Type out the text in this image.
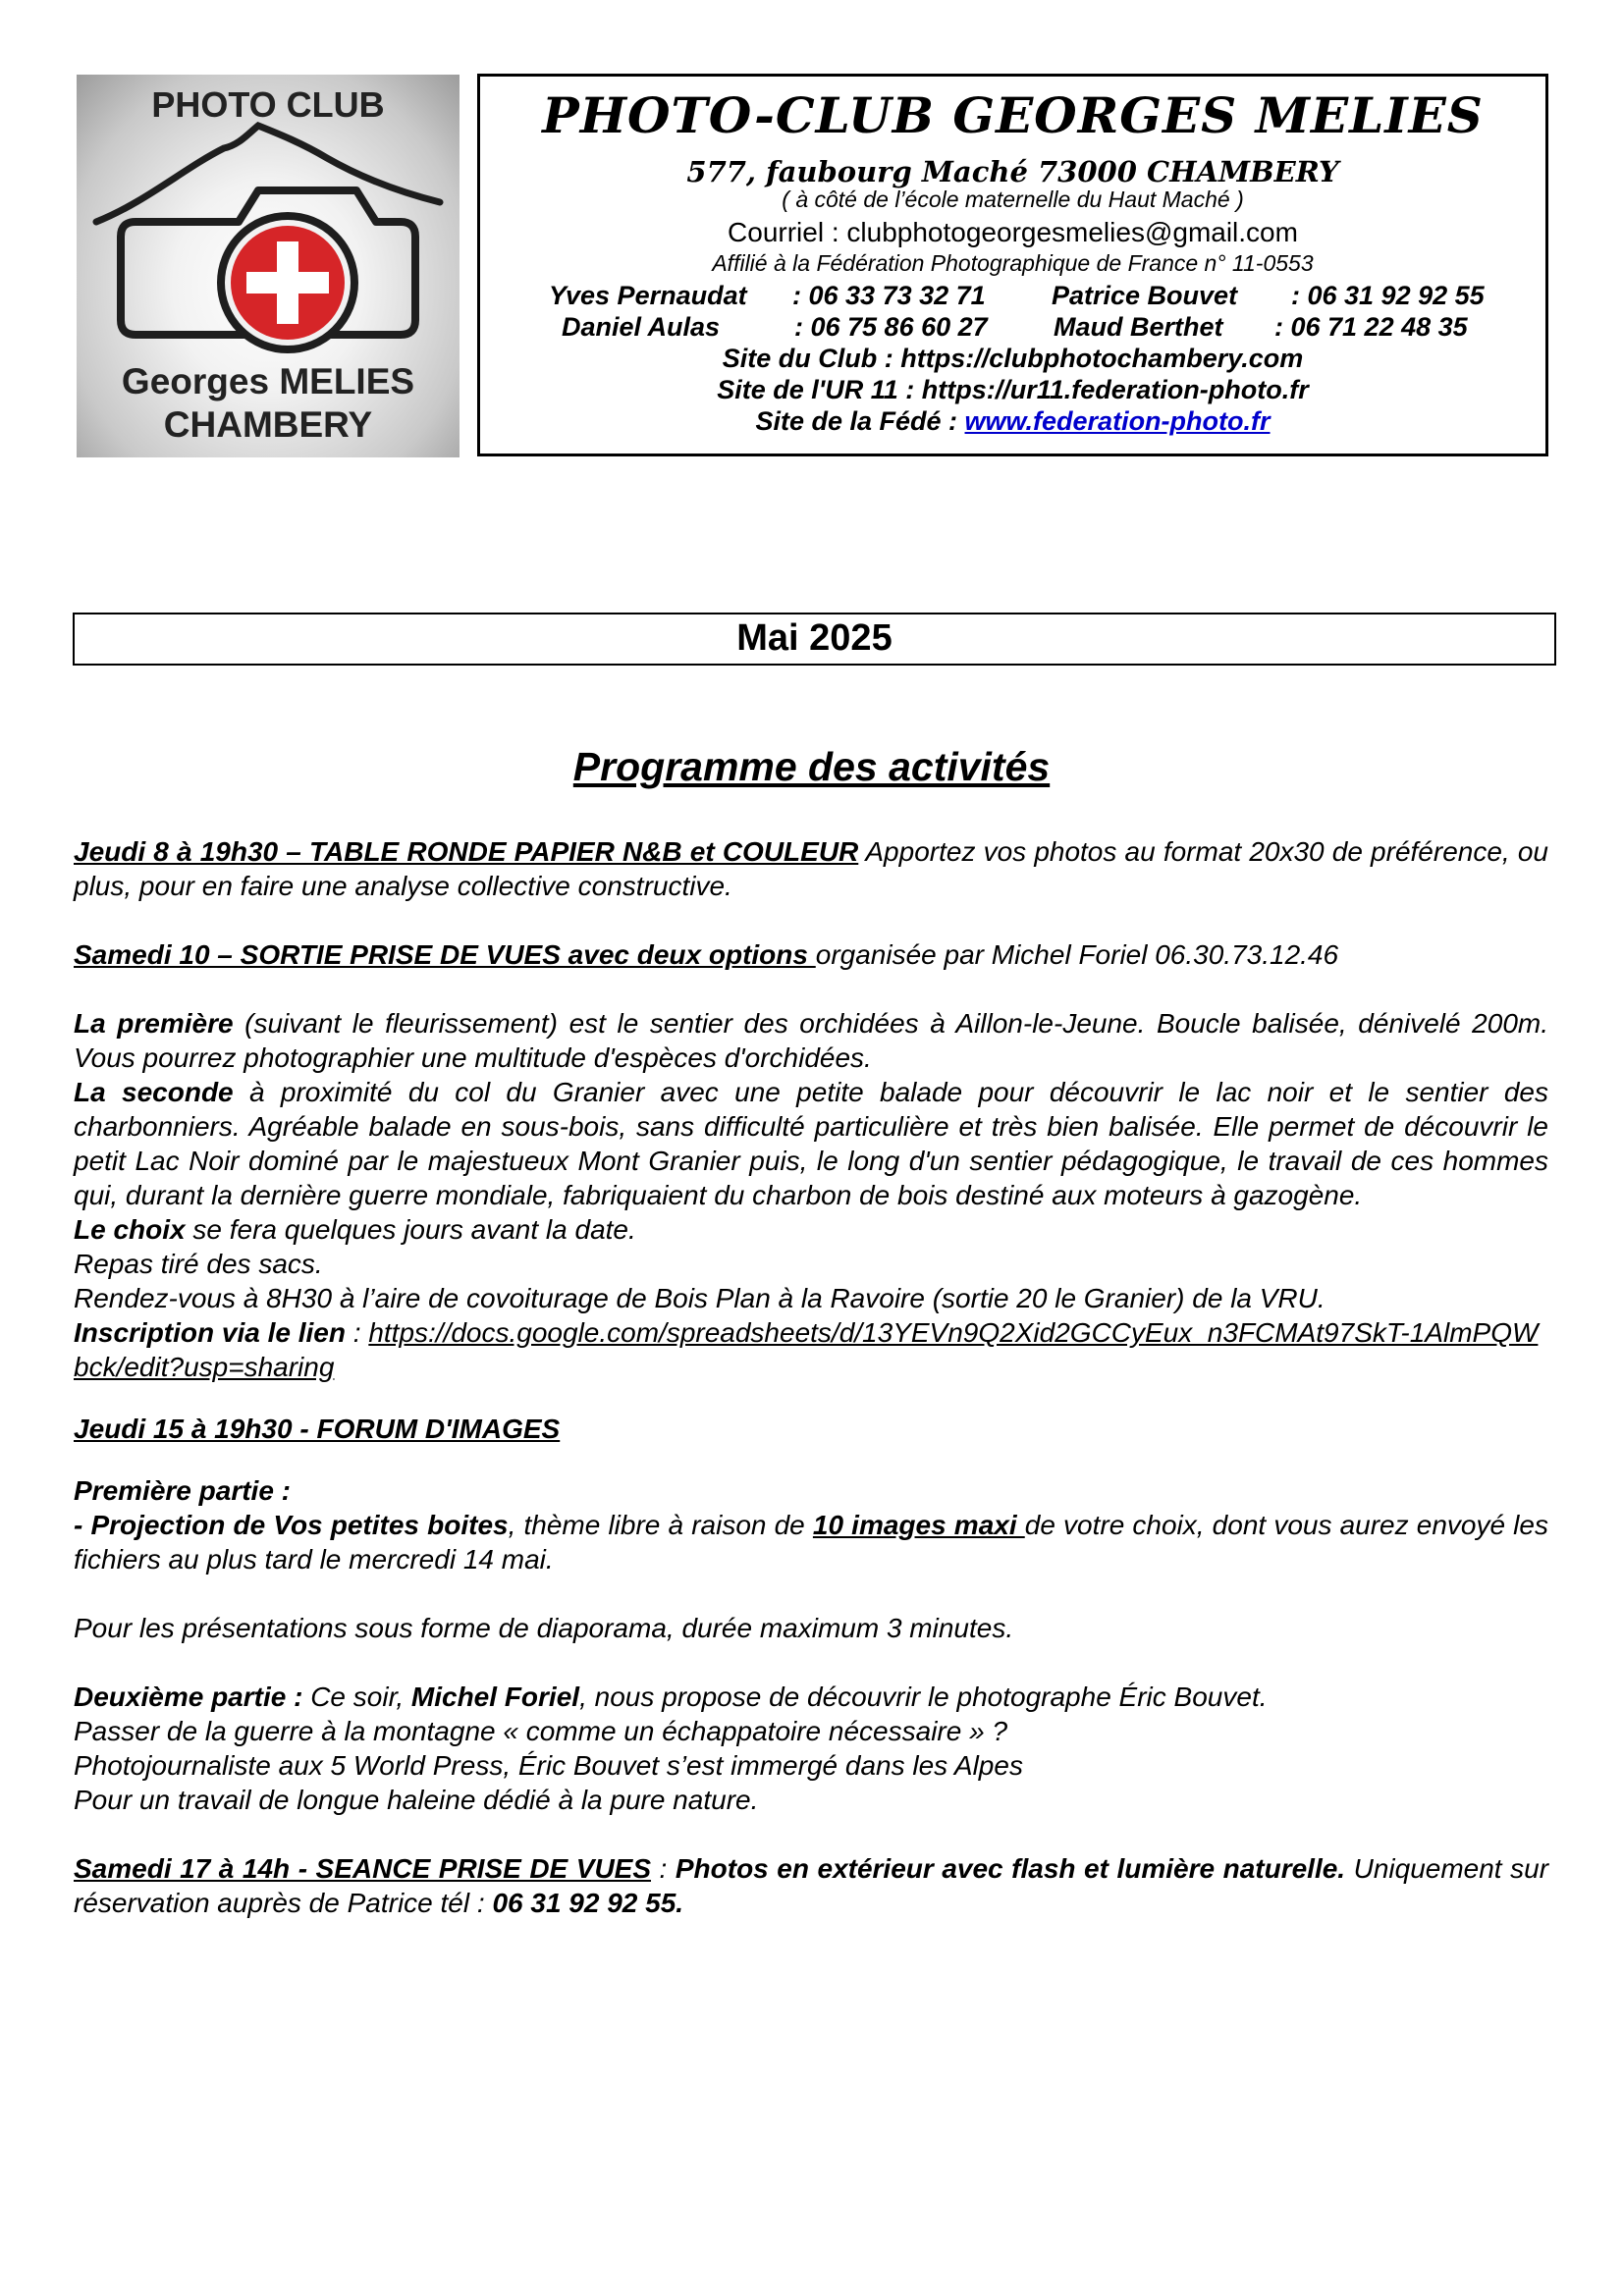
PHOTO CLUB
Georges MELIES
CHAMBERY
PHOTO-CLUB GEORGES MELIES
577, faubourg Maché 73000 CHAMBERY
( à côté de l’école maternelle du Haut Maché )
Courriel : clubphotogeorgesmelies@gmail.com
Affilié à la Fédération Photographique de France n° 11-0553
Yves Pernaudat : 06 33 73 32 71 Patrice Bouvet : 06 31 92 92 55
Daniel Aulas	: 06 75 86 60 27 Maud Berthet : 06 71 22 48 35
Site du Club : https://clubphotochambery.com
Site de l'UR 11 : https://ur11.federation-photo.fr
Site de la Fédé : www.federation-photo.fr
Mai 2025
Programme des activités

Jeudi 8 à 19h30 – TABLE RONDE PAPIER N&B et COULEUR Apportez vos photos au format 20x30 de préférence, ou plus, pour en faire une analyse collective constructive.

Samedi 10 – SORTIE PRISE DE VUES avec deux options organisée par Michel Foriel 06.30.73.12.46

La première (suivant le fleurissement) est le sentier des orchidées à Aillon-le-Jeune. Boucle balisée, dénivelé 200m. Vous pourrez photographier une multitude d'espèces d'orchidées.

La seconde à proximité du col du Granier avec une petite balade pour découvrir le lac noir et le sentier des charbonniers. Agréable balade en sous-bois, sans difficulté particulière et très bien balisée. Elle permet de découvrir le petit Lac Noir dominé par le majestueux Mont Granier puis, le long d'un sentier pédagogique, le travail de ces hommes qui, durant la dernière guerre mondiale, fabriquaient du charbon de bois destiné aux moteurs à gazogène.

Le choix se fera quelques jours avant la date.

Repas tiré des sacs.

Rendez-vous à 8H30 à l’aire de covoiturage de Bois Plan à la Ravoire (sortie 20 le Granier) de la VRU.

Inscription via le lien : https://docs.google.com/spreadsheets/d/13YEVn9Q2Xid2GCCyEux_n3FCMAt97SkT-1AlmPQWbck/edit?usp=sharing

Jeudi 15 à 19h30 - FORUM D'IMAGES

Première partie :

- Projection de Vos petites boites, thème libre à raison de 10 images maxi de votre choix, dont vous aurez envoyé les fichiers au plus tard le mercredi 14 mai.

Pour les présentations sous forme de diaporama, durée maximum 3 minutes.

Deuxième partie : Ce soir, Michel Foriel, nous propose de découvrir le photographe Éric Bouvet.

Passer de la guerre à la montagne « comme un échappatoire nécessaire » ?

Photojournaliste aux 5 World Press, Éric Bouvet s’est immergé dans les Alpes

Pour un travail de longue haleine dédié à la pure nature.

Samedi 17 à 14h - SEANCE PRISE DE VUES : Photos en extérieur avec flash et lumière naturelle. Uniquement sur réservation auprès de Patrice tél : 06 31 92 92 55.
